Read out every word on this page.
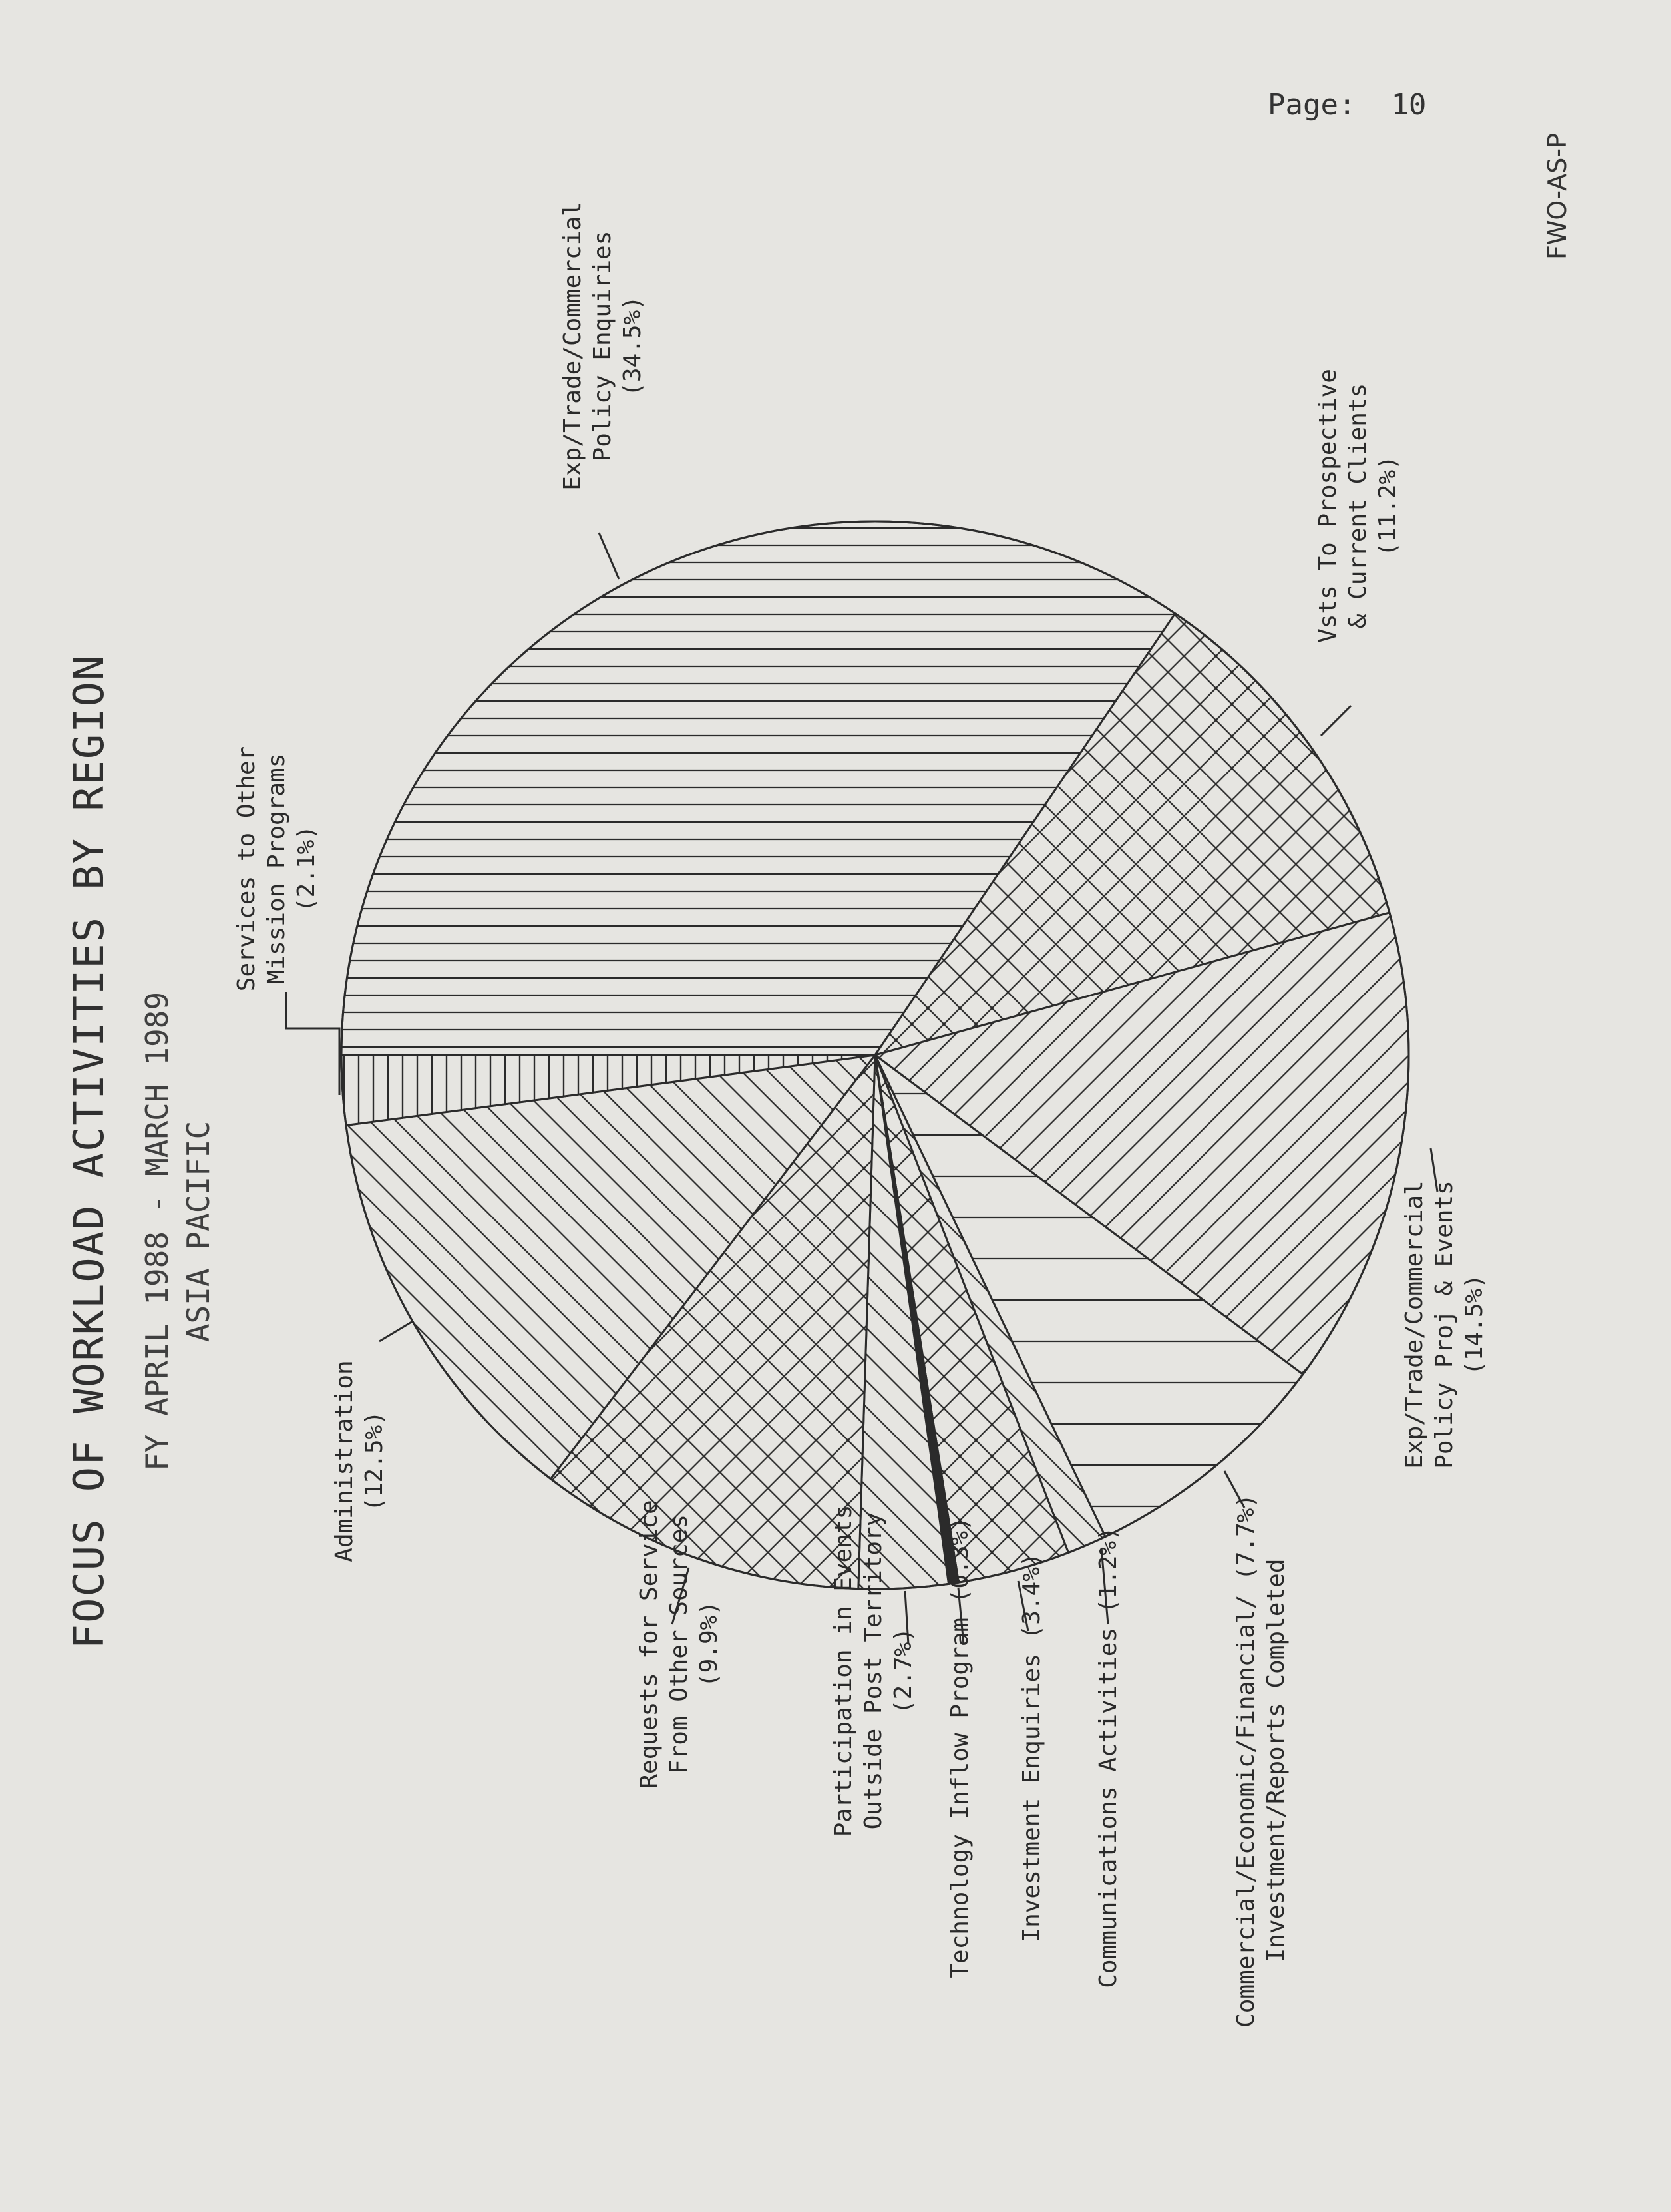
Page: 10
FWO-AS-P
FOCUS OF WORKLOAD ACTIVITIES BY REGION FY APRIL 1988 - MARCH 1989 ASIA PACIFIC
Exp/Trade/Commercial Policy Enquiries (34.5%)
Vsts To Prospective & Current Clients (11.2%)
Exp/Trade/Commercial Policy Proj & Events (14.5%)
Commercial/Economic/Financial/ (7.7%) Investment/Reports Completed
Communications Activities (1.2%)
Investment Enquiries (3.4%)
Technology Inflow Program (0.3%)
Participation in Events Outside Post Territory (2.7%)
Requests for Service From Other Sources (9.9%)
Administration (12.5%)
Services to Other Mission Programs (2.1%)
